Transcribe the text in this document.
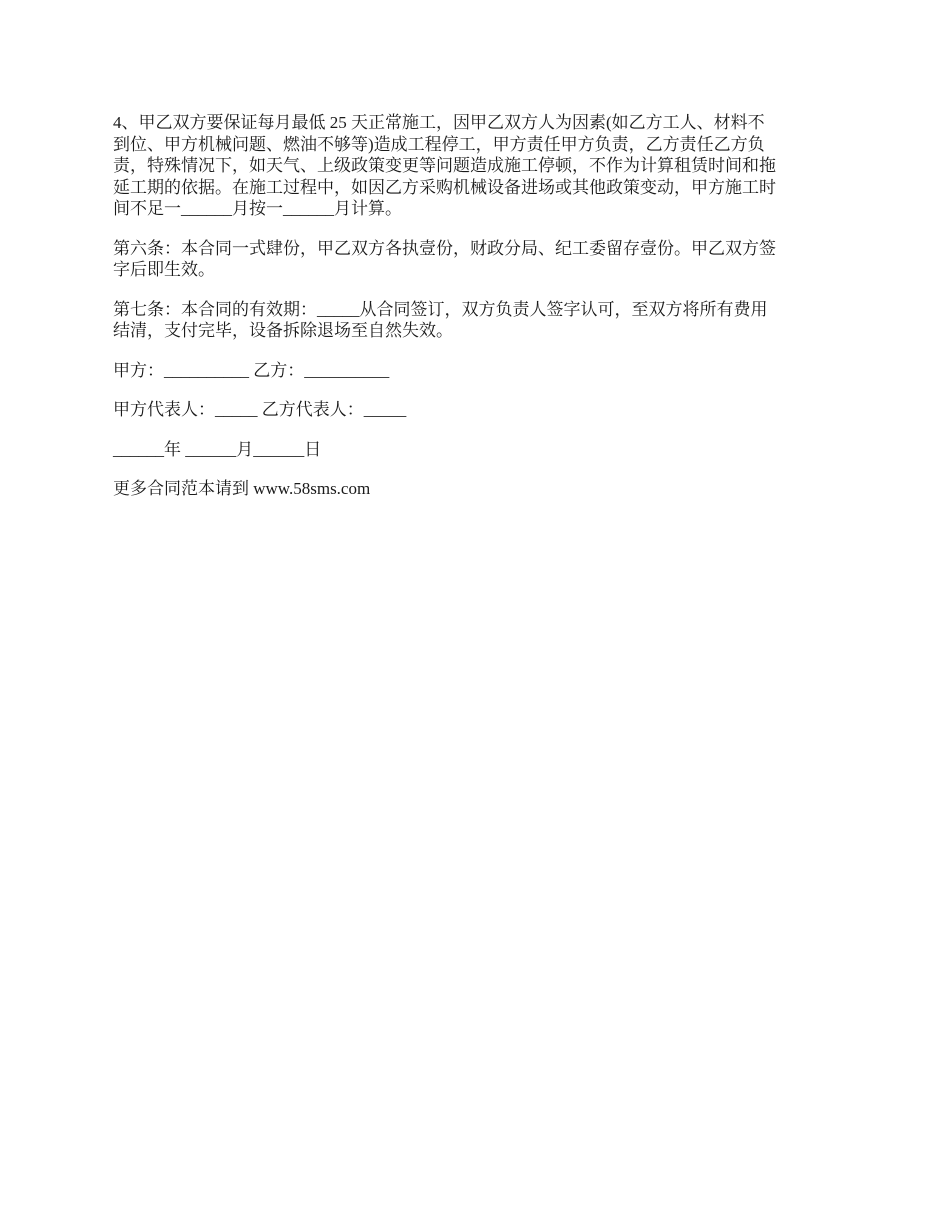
4、甲乙双方要保证每月最低 25 天正常施工，因甲乙双方人为因素(如乙方工人、材料不
到位、甲方机械问题、燃油不够等)造成工程停工，甲方责任甲方负责，乙方责任乙方负
责，特殊情况下，如天气、上级政策变更等问题造成施工停顿，不作为计算租赁时间和拖
延工期的依据。在施工过程中，如因乙方采购机械设备进场或其他政策变动，甲方施工时
间不足一______月按一______月计算。

第六条：本合同一式肆份，甲乙双方各执壹份，财政分局、纪工委留存壹份。甲乙双方签
字后即生效。

第七条：本合同的有效期：_____从合同签订，双方负责人签字认可，至双方将所有费用
结清，支付完毕，设备拆除退场至自然失效。

甲方：__________ 乙方：__________

甲方代表人：_____ 乙方代表人：_____

______年 ______月______日

更多合同范本请到 www.58sms.com
